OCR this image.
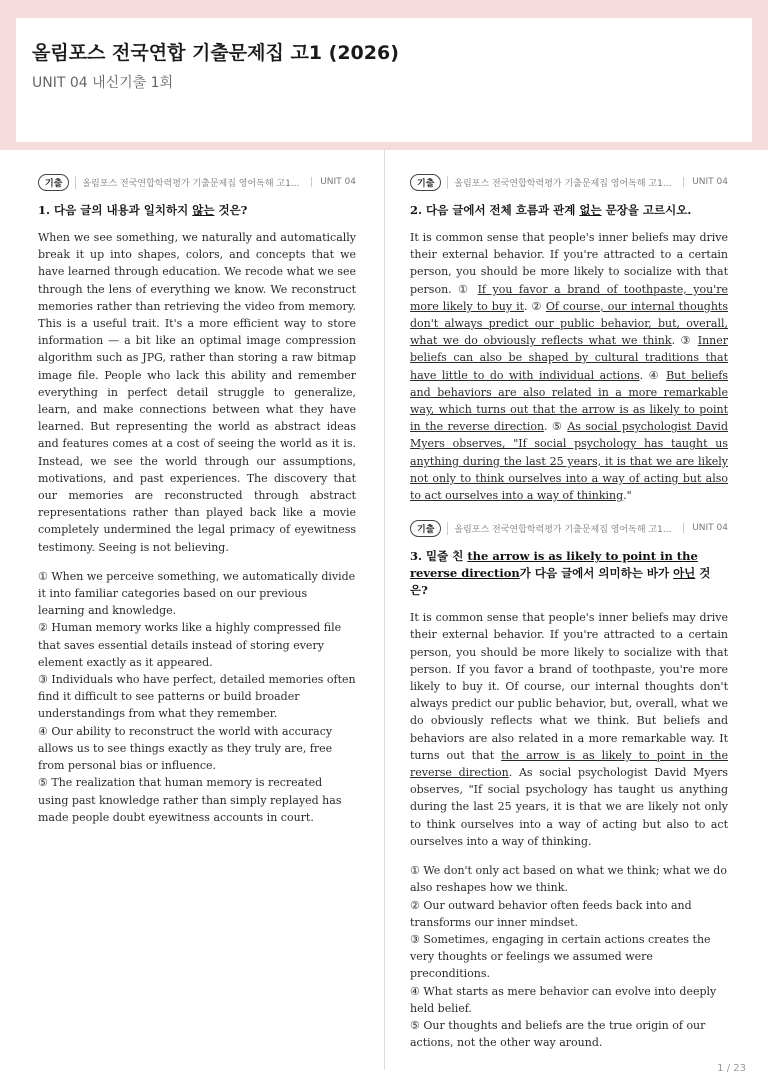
올림포스 전국연합 기출문제집 고1 (2026)
UNIT 04 내신기출 1회
기출	올림포스 전국연합학력평가 기출문제집 영어독해 고1...	UNIT 04
1. 다음 글의 내용과 일치하지 않는 것은?

When we see something, we naturally and automatically break it up into shapes, colors, and concepts that we have learned through education. We recode what we see through the lens of everything we know. We reconstruct memories rather than retrieving the video from memory. This is a useful trait. It's a more efficient way to store information — a bit like an optimal image compression algorithm such as JPG, rather than storing a raw bitmap image file. People who lack this ability and remember everything in perfect detail struggle to generalize, learn, and make connections between what they have learned. But representing the world as abstract ideas and features comes at a cost of seeing the world as it is. Instead, we see the world through our assumptions, motivations, and past experiences. The discovery that our memories are reconstructed through abstract representations rather than played back like a movie completely undermined the legal primacy of eyewitness testimony. Seeing is not believing.

① When we perceive something, we automatically divide it into familiar categories based on our previous learning and knowledge.

② Human memory works like a highly compressed file that saves essential details instead of storing every element exactly as it appeared.

③ Individuals who have perfect, detailed memories often find it difficult to see patterns or build broader understandings from what they remember.

④ Our ability to reconstruct the world with accuracy allows us to see things exactly as they truly are, free from personal bias or influence.

⑤ The realization that human memory is recreated using past knowledge rather than simply replayed has made people doubt eyewitness accounts in court.

기출	올림포스 전국연합학력평가 기출문제집 영어독해 고1...	UNIT 04
2. 다음 글에서 전체 흐름과 관계 없는 문장을 고르시오.

It is common sense that people's inner beliefs may drive their external behavior. If you're attracted to a certain person, you should be more likely to socialize with that person. ① If you favor a brand of toothpaste, you're more likely to buy it. ② Of course, our internal thoughts don't always predict our public behavior, but, overall, what we do obviously reflects what we think. ③ Inner beliefs can also be shaped by cultural traditions that have little to do with individual actions. ④ But beliefs and behaviors are also related in a more remarkable way, which turns out that the arrow is as likely to point in the reverse direction. ⑤ As social psychologist David Myers observes, "If social psychology has taught us anything during the last 25 years, it is that we are likely not only to think ourselves into a way of acting but also to act ourselves into a way of thinking."

기출	올림포스 전국연합학력평가 기출문제집 영어독해 고1...	UNIT 04
3. 밑줄 친 the arrow is as likely to point in the reverse direction가 다음 글에서 의미하는 바가 아닌 것은?

It is common sense that people's inner beliefs may drive their external behavior. If you're attracted to a certain person, you should be more likely to socialize with that person. If you favor a brand of toothpaste, you're more likely to buy it. Of course, our internal thoughts don't always predict our public behavior, but, overall, what we do obviously reflects what we think. But beliefs and behaviors are also related in a more remarkable way. It turns out that the arrow is as likely to point in the reverse direction. As social psychologist David Myers observes, "If social psychology has taught us anything during the last 25 years, it is that we are likely not only to think ourselves into a way of acting but also to act ourselves into a way of thinking.

① We don't only act based on what we think; what we do also reshapes how we think.

② Our outward behavior often feeds back into and transforms our inner mindset.

③ Sometimes, engaging in certain actions creates the very thoughts or feelings we assumed were preconditions.

④ What starts as mere behavior can evolve into deeply held belief.

⑤ Our thoughts and beliefs are the true origin of our actions, not the other way around.

1 / 23
